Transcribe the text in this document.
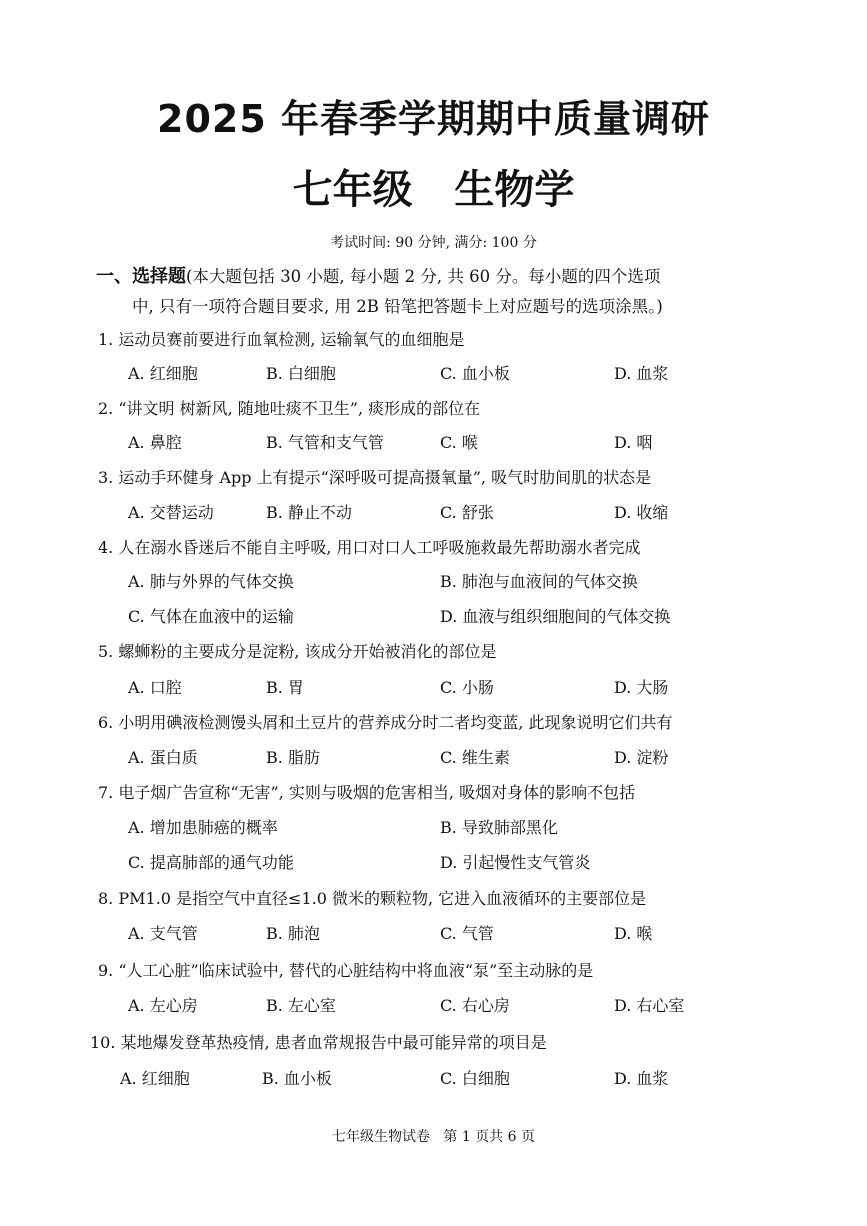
2025 年春季学期期中质量调研
七年级   生物学
考试时间: 90 分钟, 满分: 100 分
一、选择题(本大题包括 30 小题, 每小题 2 分, 共 60 分。每小题的四个选项
中, 只有一项符合题目要求, 用 2B 铅笔把答题卡上对应题号的选项涂黑。)
1. 运动员赛前要进行血氧检测, 运输氧气的血细胞是
A. 红细胞	B. 白细胞	C. 血小板	D. 血浆
2. “讲文明 树新风, 随地吐痰不卫生”, 痰形成的部位在
A. 鼻腔	B. 气管和支气管	C. 喉	D. 咽
3. 运动手环健身 App 上有提示“深呼吸可提高摄氧量”, 吸气时肋间肌的状态是
A. 交替运动	B. 静止不动	C. 舒张	D. 收缩
4. 人在溺水昏迷后不能自主呼吸, 用口对口人工呼吸施救最先帮助溺水者完成
A. 肺与外界的气体交换	B. 肺泡与血液间的气体交换
C. 气体在血液中的运输	D. 血液与组织细胞间的气体交换
5. 螺蛳粉的主要成分是淀粉, 该成分开始被消化的部位是
A. 口腔	B. 胃	C. 小肠	D. 大肠
6. 小明用碘液检测馒头屑和土豆片的营养成分时二者均变蓝, 此现象说明它们共有
A. 蛋白质	B. 脂肪	C. 维生素	D. 淀粉
7. 电子烟广告宣称“无害”, 实则与吸烟的危害相当, 吸烟对身体的影响不包括
A. 增加患肺癌的概率	B. 导致肺部黑化
C. 提高肺部的通气功能	D. 引起慢性支气管炎
8. PM1.0 是指空气中直径≤1.0 微米的颗粒物, 它进入血液循环的主要部位是
A. 支气管	B. 肺泡	C. 气管	D. 喉
9. “人工心脏”临床试验中, 替代的心脏结构中将血液“泵”至主动脉的是
A. 左心房	B. 左心室	C. 右心房	D. 右心室
10. 某地爆发登革热疫情, 患者血常规报告中最可能异常的项目是
A. 红细胞	B. 血小板	C. 白细胞	D. 血浆
七年级生物试卷   第 1 页共 6 页
